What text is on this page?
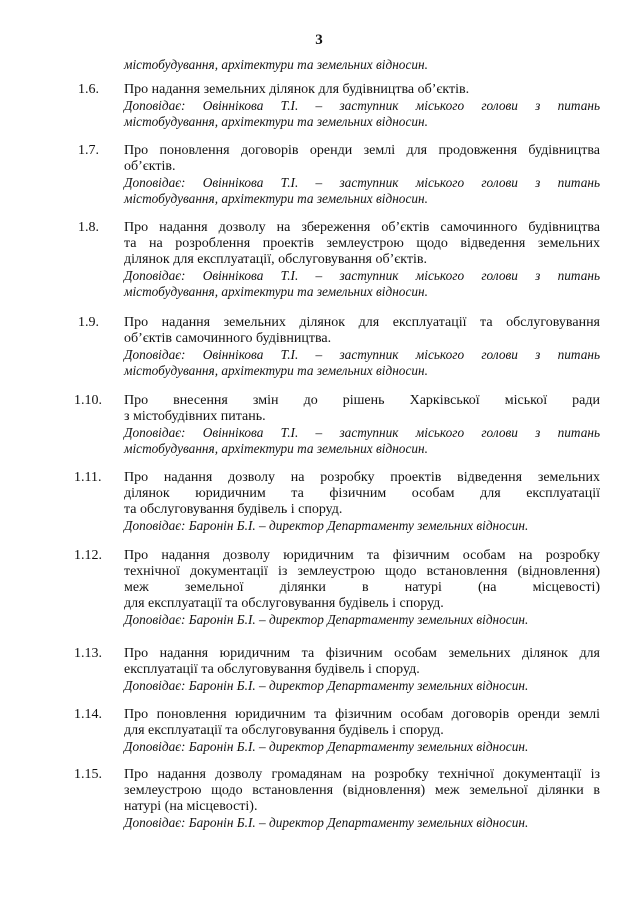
3
містобудування, архітектури та земельних відносин.
1.6. Про надання земельних ділянок для будівництва об’єктів.
Доповідає: Овіннікова Т.І. – заступник міського голови з питань
містобудування, архітектури та земельних відносин.
1.7. Про поновлення договорів оренди землі для продовження будівництва
об’єктів.
Доповідає: Овіннікова Т.І. – заступник міського голови з питань
містобудування, архітектури та земельних відносин.
1.8. Про надання дозволу на збереження об’єктів самочинного будівництва
та на розроблення проектів землеустрою щодо відведення земельних
ділянок для експлуатації, обслуговування об’єктів.
Доповідає: Овіннікова Т.І. – заступник міського голови з питань
містобудування, архітектури та земельних відносин.
1.9. Про надання земельних ділянок для експлуатації та обслуговування
об’єктів самочинного будівництва.
Доповідає: Овіннікова Т.І. – заступник міського голови з питань
містобудування, архітектури та земельних відносин.
1.10. Про внесення змін до рішень Харківської міської ради
з містобудівних питань.
Доповідає: Овіннікова Т.І. – заступник міського голови з питань
містобудування, архітектури та земельних відносин.
1.11. Про надання дозволу на розробку проектів відведення земельних
ділянок юридичним та фізичним особам для експлуатації
та обслуговування будівель і споруд.
Доповідає: Баронін Б.І. – директор Департаменту земельних відносин.
1.12. Про надання дозволу юридичним та фізичним особам на розробку
технічної документації із землеустрою щодо встановлення (відновлення)
меж земельної ділянки в натурі (на місцевості)
для експлуатації та обслуговування будівель і споруд.
Доповідає: Баронін Б.І. – директор Департаменту земельних відносин.
1.13. Про надання юридичним та фізичним особам земельних ділянок для
експлуатації та обслуговування будівель і споруд.
Доповідає: Баронін Б.І. – директор Департаменту земельних відносин.
1.14. Про поновлення юридичним та фізичним особам договорів оренди землі
для експлуатації та обслуговування будівель і споруд.
Доповідає: Баронін Б.І. – директор Департаменту земельних відносин.
1.15. Про надання дозволу громадянам на розробку технічної документації із
землеустрою щодо встановлення (відновлення) меж земельної ділянки в
натурі (на місцевості).
Доповідає: Баронін Б.І. – директор Департаменту земельних відносин.
